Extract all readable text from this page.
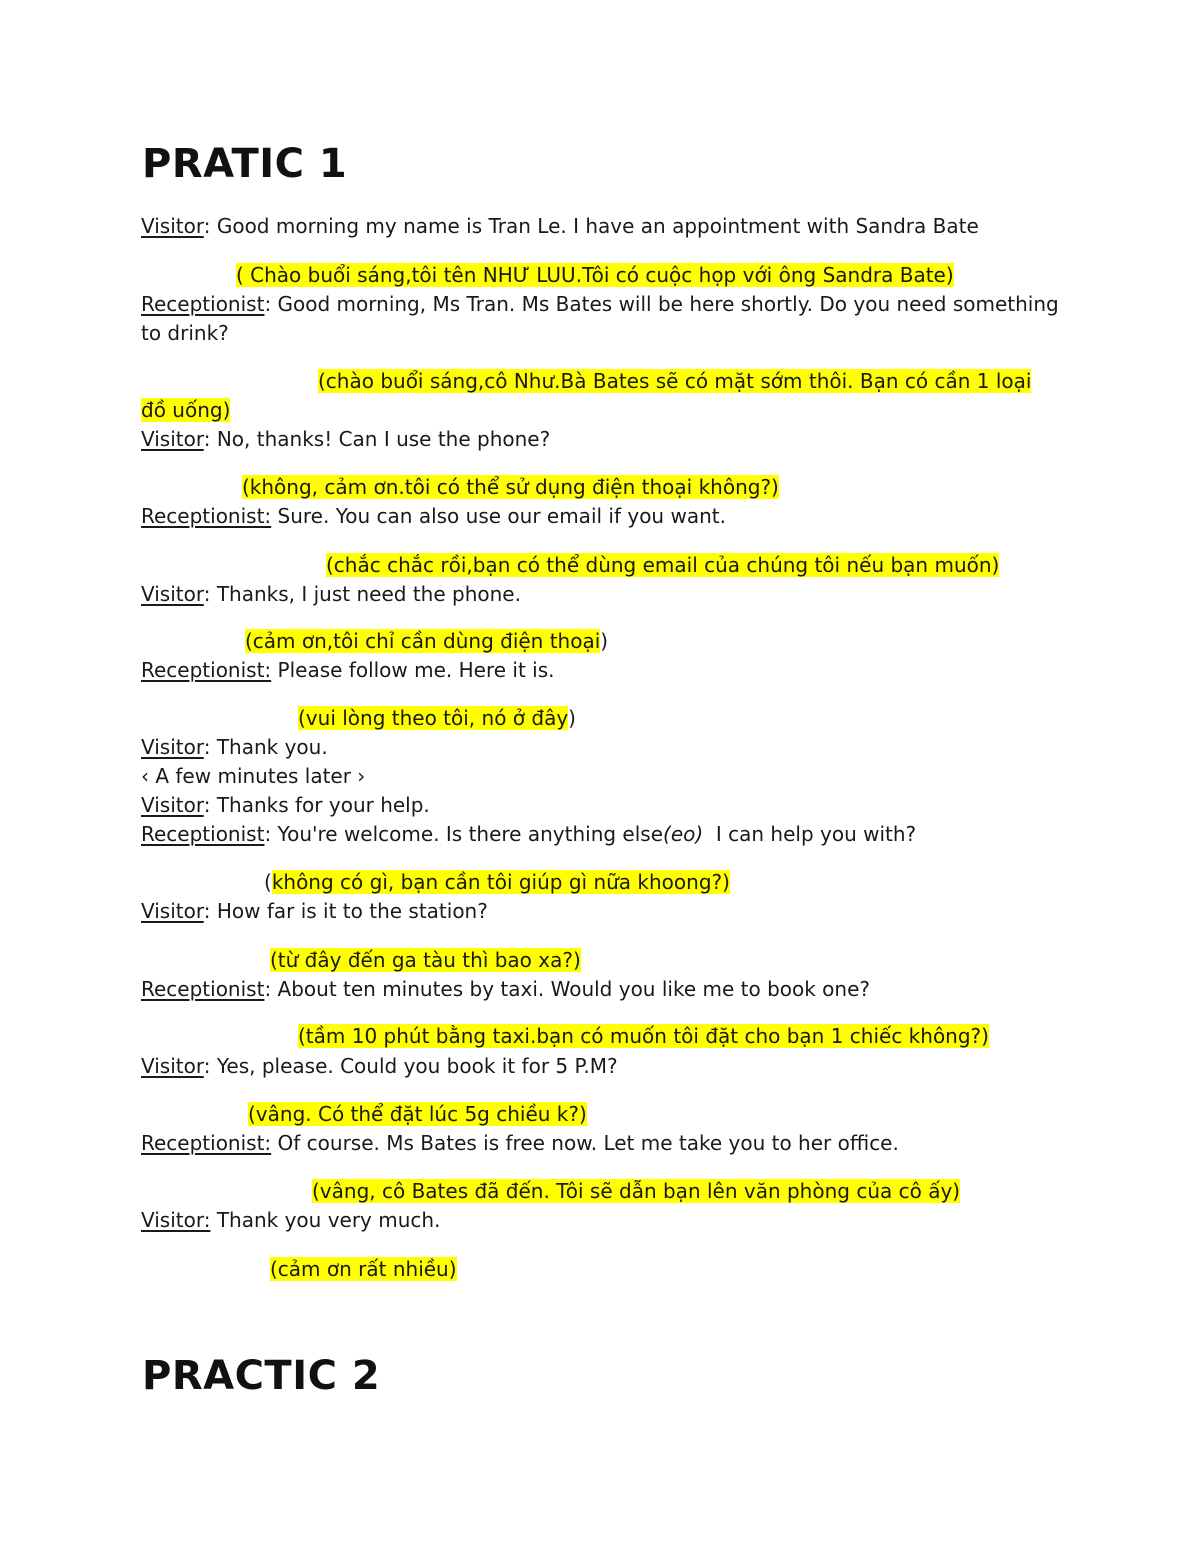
PRATIC 1
Visitor: Good morning my name is Tran Le. I have an appointment with Sandra Bate
( Chào buổi sáng,tôi tên NHƯ LUU.Tôi có cuộc họp với ông Sandra Bate)
Receptionist: Good morning, Ms Tran. Ms Bates will be here shortly. Do you need something to drink?
(chào buổi sáng,cô Như.Bà Bates sẽ có mặt sớm thôi. Bạn có cần 1 loại đồ uống)
Visitor: No, thanks! Can I use the phone?
(không, cảm ơn.tôi có thể sử dụng điện thoại không?)
Receptionist: Sure. You can also use our email if you want.
(chắc chắc rồi,bạn có thể dùng email của chúng tôi nếu bạn muốn)
Visitor: Thanks, I just need the phone.
(cảm ơn,tôi chỉ cần dùng điện thoại)
Receptionist: Please follow me. Here it is.
(vui lòng theo tôi, nó ở đây)
Visitor: Thank you.
‹ A few minutes later ›
Visitor: Thanks for your help.
Receptionist: You're welcome. Is there anything else(eo)  I can help you with?
(không có gì, bạn cần tôi giúp gì nữa khoong?)
Visitor: How far is it to the station?
(từ đây đến ga tàu thì bao xa?)
Receptionist: About ten minutes by taxi. Would you like me to book one?
(tầm 10 phút bằng taxi.bạn có muốn tôi đặt cho bạn 1 chiếc không?)
Visitor: Yes, please. Could you book it for 5 P.M?
(vâng. Có thể đặt lúc 5g chiều k?)
Receptionist: Of course. Ms Bates is free now. Let me take you to her office.
(vâng, cô Bates đã đến. Tôi sẽ dẫn bạn lên văn phòng của cô ấy)
Visitor: Thank you very much.
(cảm ơn rất nhiều)
PRACTIC 2
